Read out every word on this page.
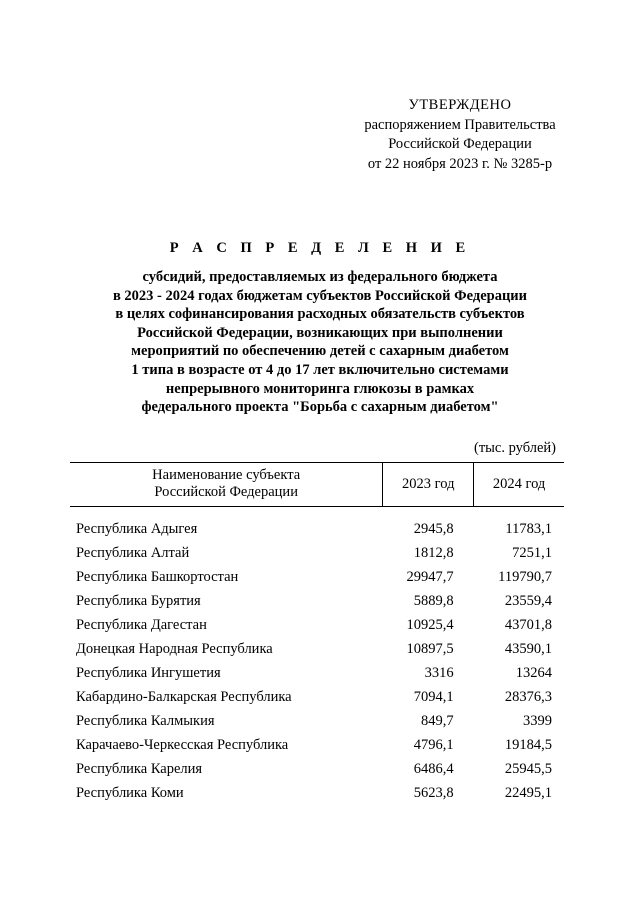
УТВЕРЖДЕНО
распоряжением Правительства
Российской Федерации
от 22 ноября 2023 г. № 3285-р
Р А С П Р Е Д Е Л Е Н И Е
субсидий, предоставляемых из федерального бюджета
в 2023 - 2024 годах бюджетам субъектов Российской Федерации
в целях софинансирования расходных обязательств субъектов
Российской Федерации, возникающих при выполнении
мероприятий по обеспечению детей с сахарным диабетом
1 типа в возрасте от 4 до 17 лет включительно системами
непрерывного мониторинга глюкозы в рамках
федерального проекта "Борьба с сахарным диабетом"
(тыс. рублей)
Наименование субъекта
Российской Федерации	2023 год	2024 год

Республика Адыгея	2945,8	11783,1
Республика Алтай	1812,8	7251,1
Республика Башкортостан	29947,7	119790,7
Республика Бурятия	5889,8	23559,4
Республика Дагестан	10925,4	43701,8
Донецкая Народная Республика	10897,5	43590,1
Республика Ингушетия	3316	13264
Кабардино-Балкарская Республика	7094,1	28376,3
Республика Калмыкия	849,7	3399
Карачаево-Черкесская Республика	4796,1	19184,5
Республика Карелия	6486,4	25945,5
Республика Коми	5623,8	22495,1
